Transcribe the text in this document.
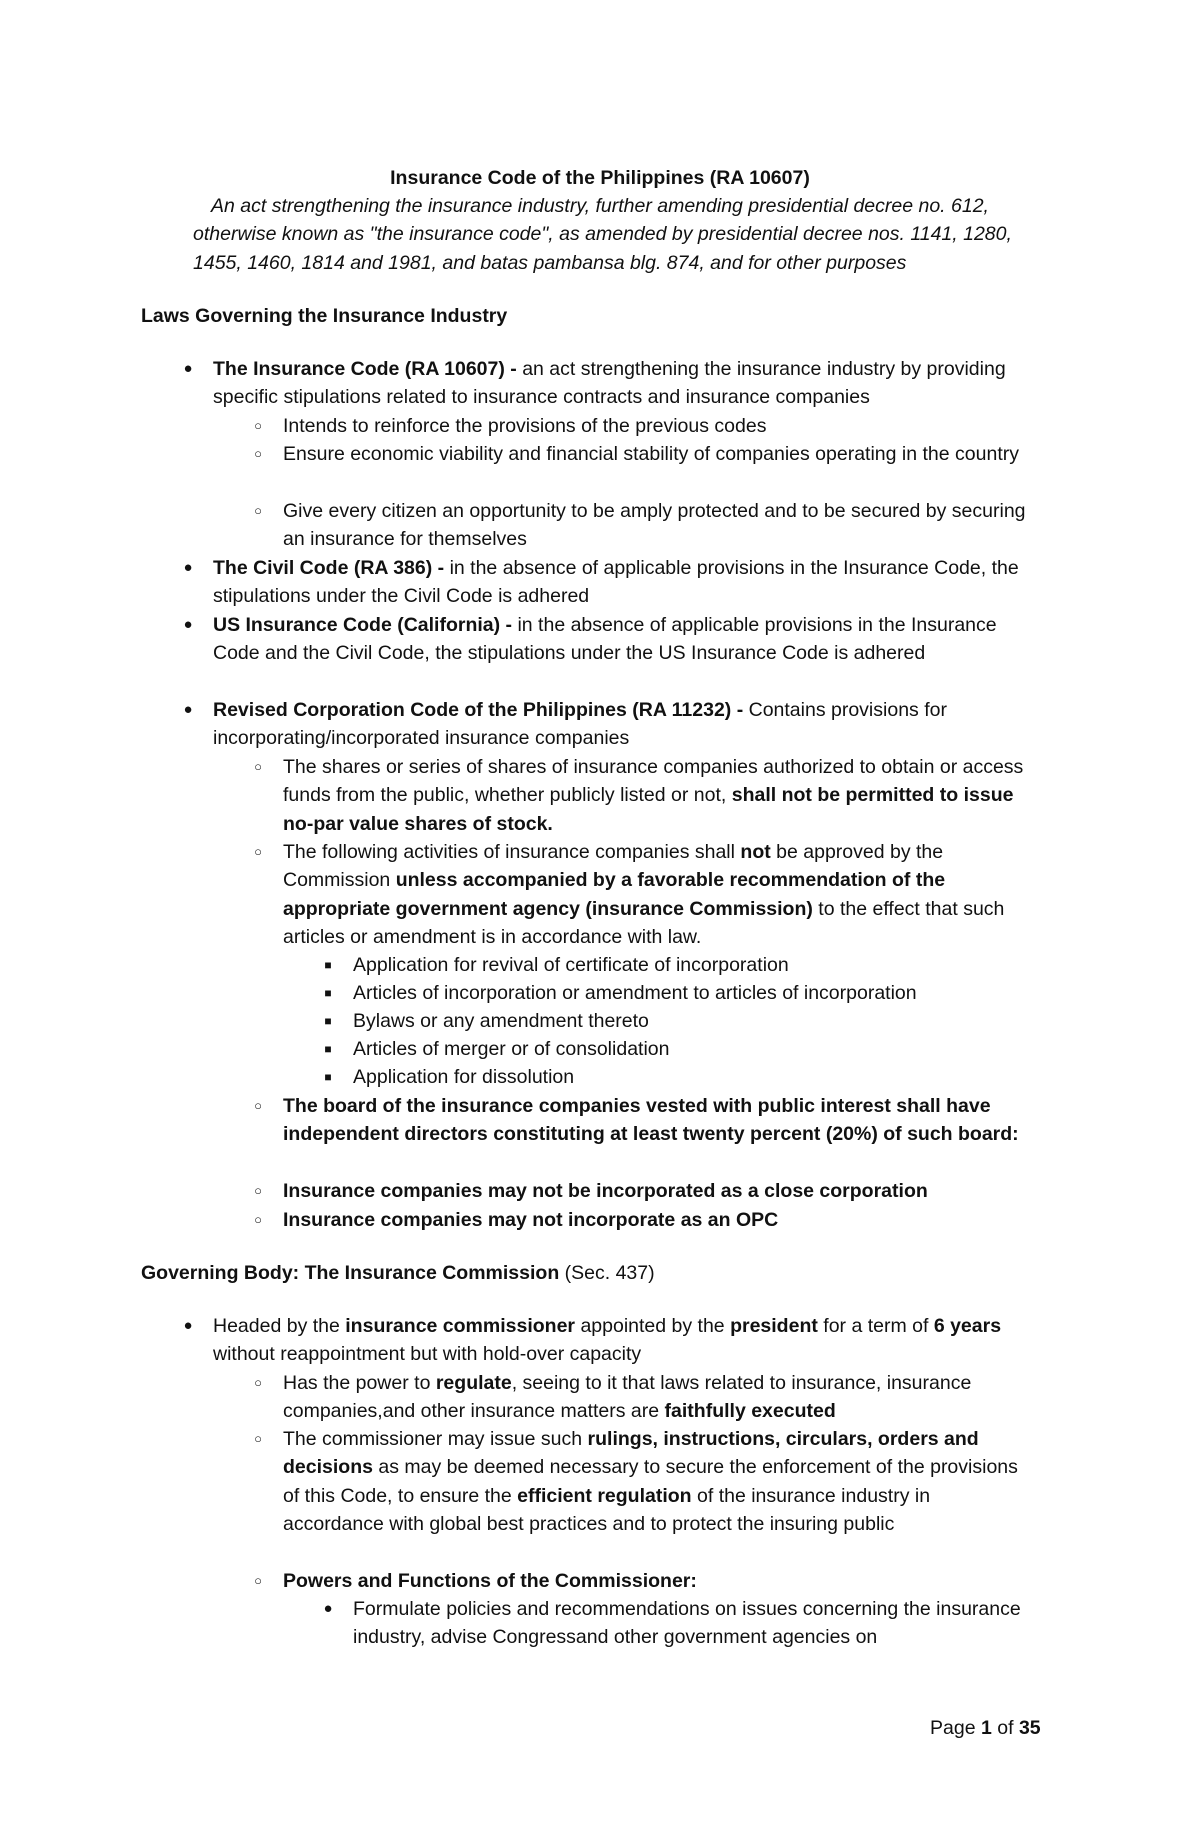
Insurance Code of the Philippines (RA 10607)
An act strengthening the insurance industry, further amending presidential decree no. 612,
otherwise known as "the insurance code", as amended by presidential decree nos. 1141, 1280, 1455, 1460, 1814 and 1981, and batas pambansa blg. 874, and for other purposes
Laws Governing the Insurance Industry
● The Insurance Code (RA 10607) - an act strengthening the insurance industry by providing specific stipulations related to insurance contracts and insurance companies
○	Intends to reinforce the provisions of the previous codes
○	Ensure economic viability and financial stability of companies operating in the country
○	Give every citizen an opportunity to be amply protected and to be secured by securing an insurance for themselves
● The Civil Code (RA 386) - in the absence of applicable provisions in the Insurance Code, the stipulations under the Civil Code is adhered
● US Insurance Code (California) - in the absence of applicable provisions in the Insurance Code and the Civil Code, the stipulations under the US Insurance Code is adhered
● Revised Corporation Code of the Philippines (RA 11232) - Contains provisions for incorporating/incorporated insurance companies
○	The shares or series of shares of insurance companies authorized to obtain or access funds from the public, whether publicly listed or not, shall not be permitted to issue no-par value shares of stock.
○	The following activities of insurance companies shall not be approved by the Commission unless accompanied by a favorable recommendation of the appropriate government agency (insurance Commission) to the effect that such articles or amendment is in accordance with law.
■	Application for revival of certificate of incorporation
■	Articles of incorporation or amendment to articles of incorporation
■	Bylaws or any amendment thereto
■	Articles of merger or of consolidation
■	Application for dissolution
○	The board of the insurance companies vested with public interest shall have independent directors constituting at least twenty percent (20%) of such board:
○	Insurance companies may not be incorporated as a close corporation
○	Insurance companies may not incorporate as an OPC
Governing Body: The Insurance Commission (Sec. 437)
● Headed by the insurance commissioner appointed by the president for a term of 6 years without reappointment but with hold-over capacity
○	Has the power to regulate, seeing to it that laws related to insurance, insurance companies,and other insurance matters are faithfully executed
○	The commissioner may issue such rulings, instructions, circulars, orders and decisions as may be deemed necessary to secure the enforcement of the provisions of this Code, to ensure the efficient regulation of the insurance industry in accordance with global best practices and to protect the insuring public
○	Powers and Functions of the Commissioner:
● Formulate policies and recommendations on issues concerning the insurance industry, advise Congressand other government agencies on
Page 1 of 35
